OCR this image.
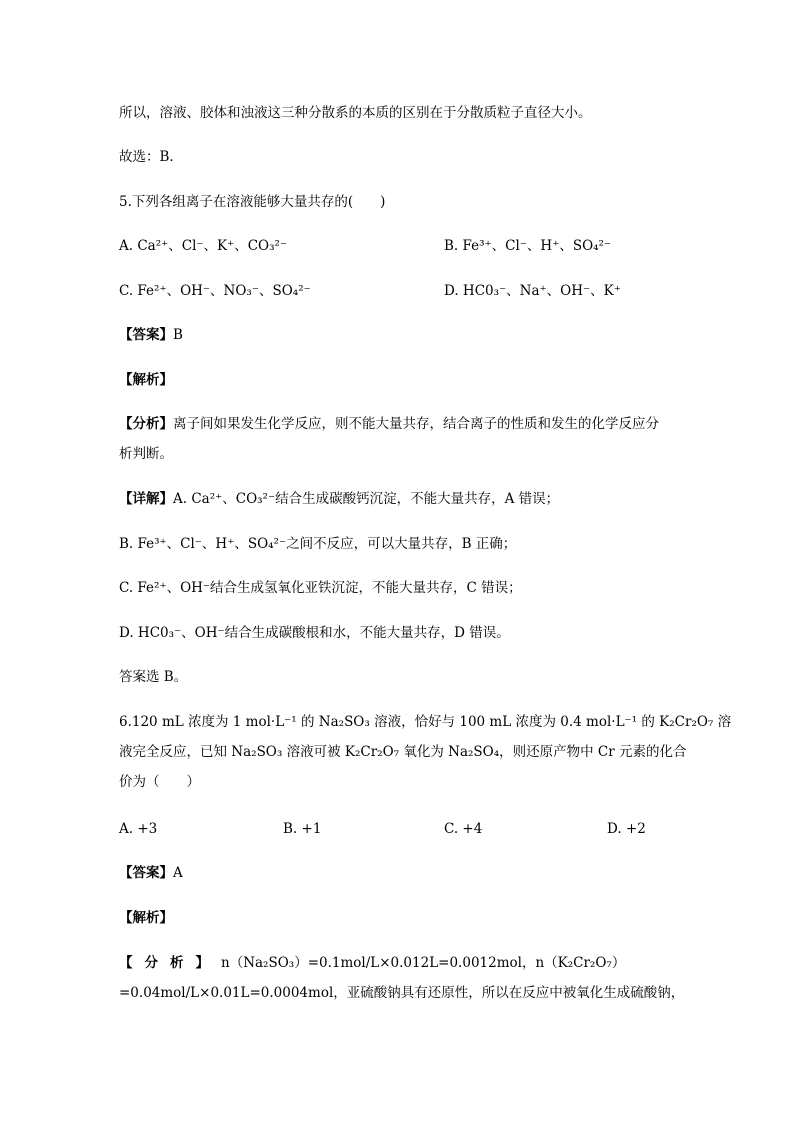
所以，溶液、胶体和浊液这三种分散系的本质的区别在于分散质粒子直径大小。
故选：B．
5.下列各组离子在溶液能够大量共存的(　　)
A. Ca²⁺、Cl⁻、K⁺、CO₃²⁻	B. Fe³⁺、Cl⁻、H⁺、SO₄²⁻
C. Fe²⁺、OH⁻、NO₃⁻、SO₄²⁻	D. HC0₃⁻、Na⁺、OH⁻、K⁺
【答案】B
【解析】
【分析】离子间如果发生化学反应，则不能大量共存，结合离子的性质和发生的化学反应分
析判断。
【详解】A. Ca²⁺、CO₃²⁻结合生成碳酸钙沉淀，不能大量共存，A 错误；
B. Fe³⁺、Cl⁻、H⁺、SO₄²⁻之间不反应，可以大量共存，B 正确；
C. Fe²⁺、OH⁻结合生成氢氧化亚铁沉淀，不能大量共存，C 错误；
D. HC0₃⁻、OH⁻结合生成碳酸根和水，不能大量共存，D 错误。
答案选 B。
6.120 mL 浓度为 1 mol·L⁻¹ 的 Na₂SO₃ 溶液，恰好与 100 mL 浓度为 0.4 mol·L⁻¹ 的 K₂Cr₂O₇ 溶
液完全反应，已知 Na₂SO₃ 溶液可被 K₂Cr₂O₇ 氧化为 Na₂SO₄，则还原产物中 Cr 元素的化合
价为（　　）
A. +3	B. +1	C. +4	D. +2
【答案】A
【解析】
【分析】n（Na₂SO₃）=0.1mol/L×0.012L=0.0012mol，n（K₂Cr₂O₇）
=0.04mol/L×0.01L=0.0004mol，亚硫酸钠具有还原性，所以在反应中被氧化生成硫酸钠，
